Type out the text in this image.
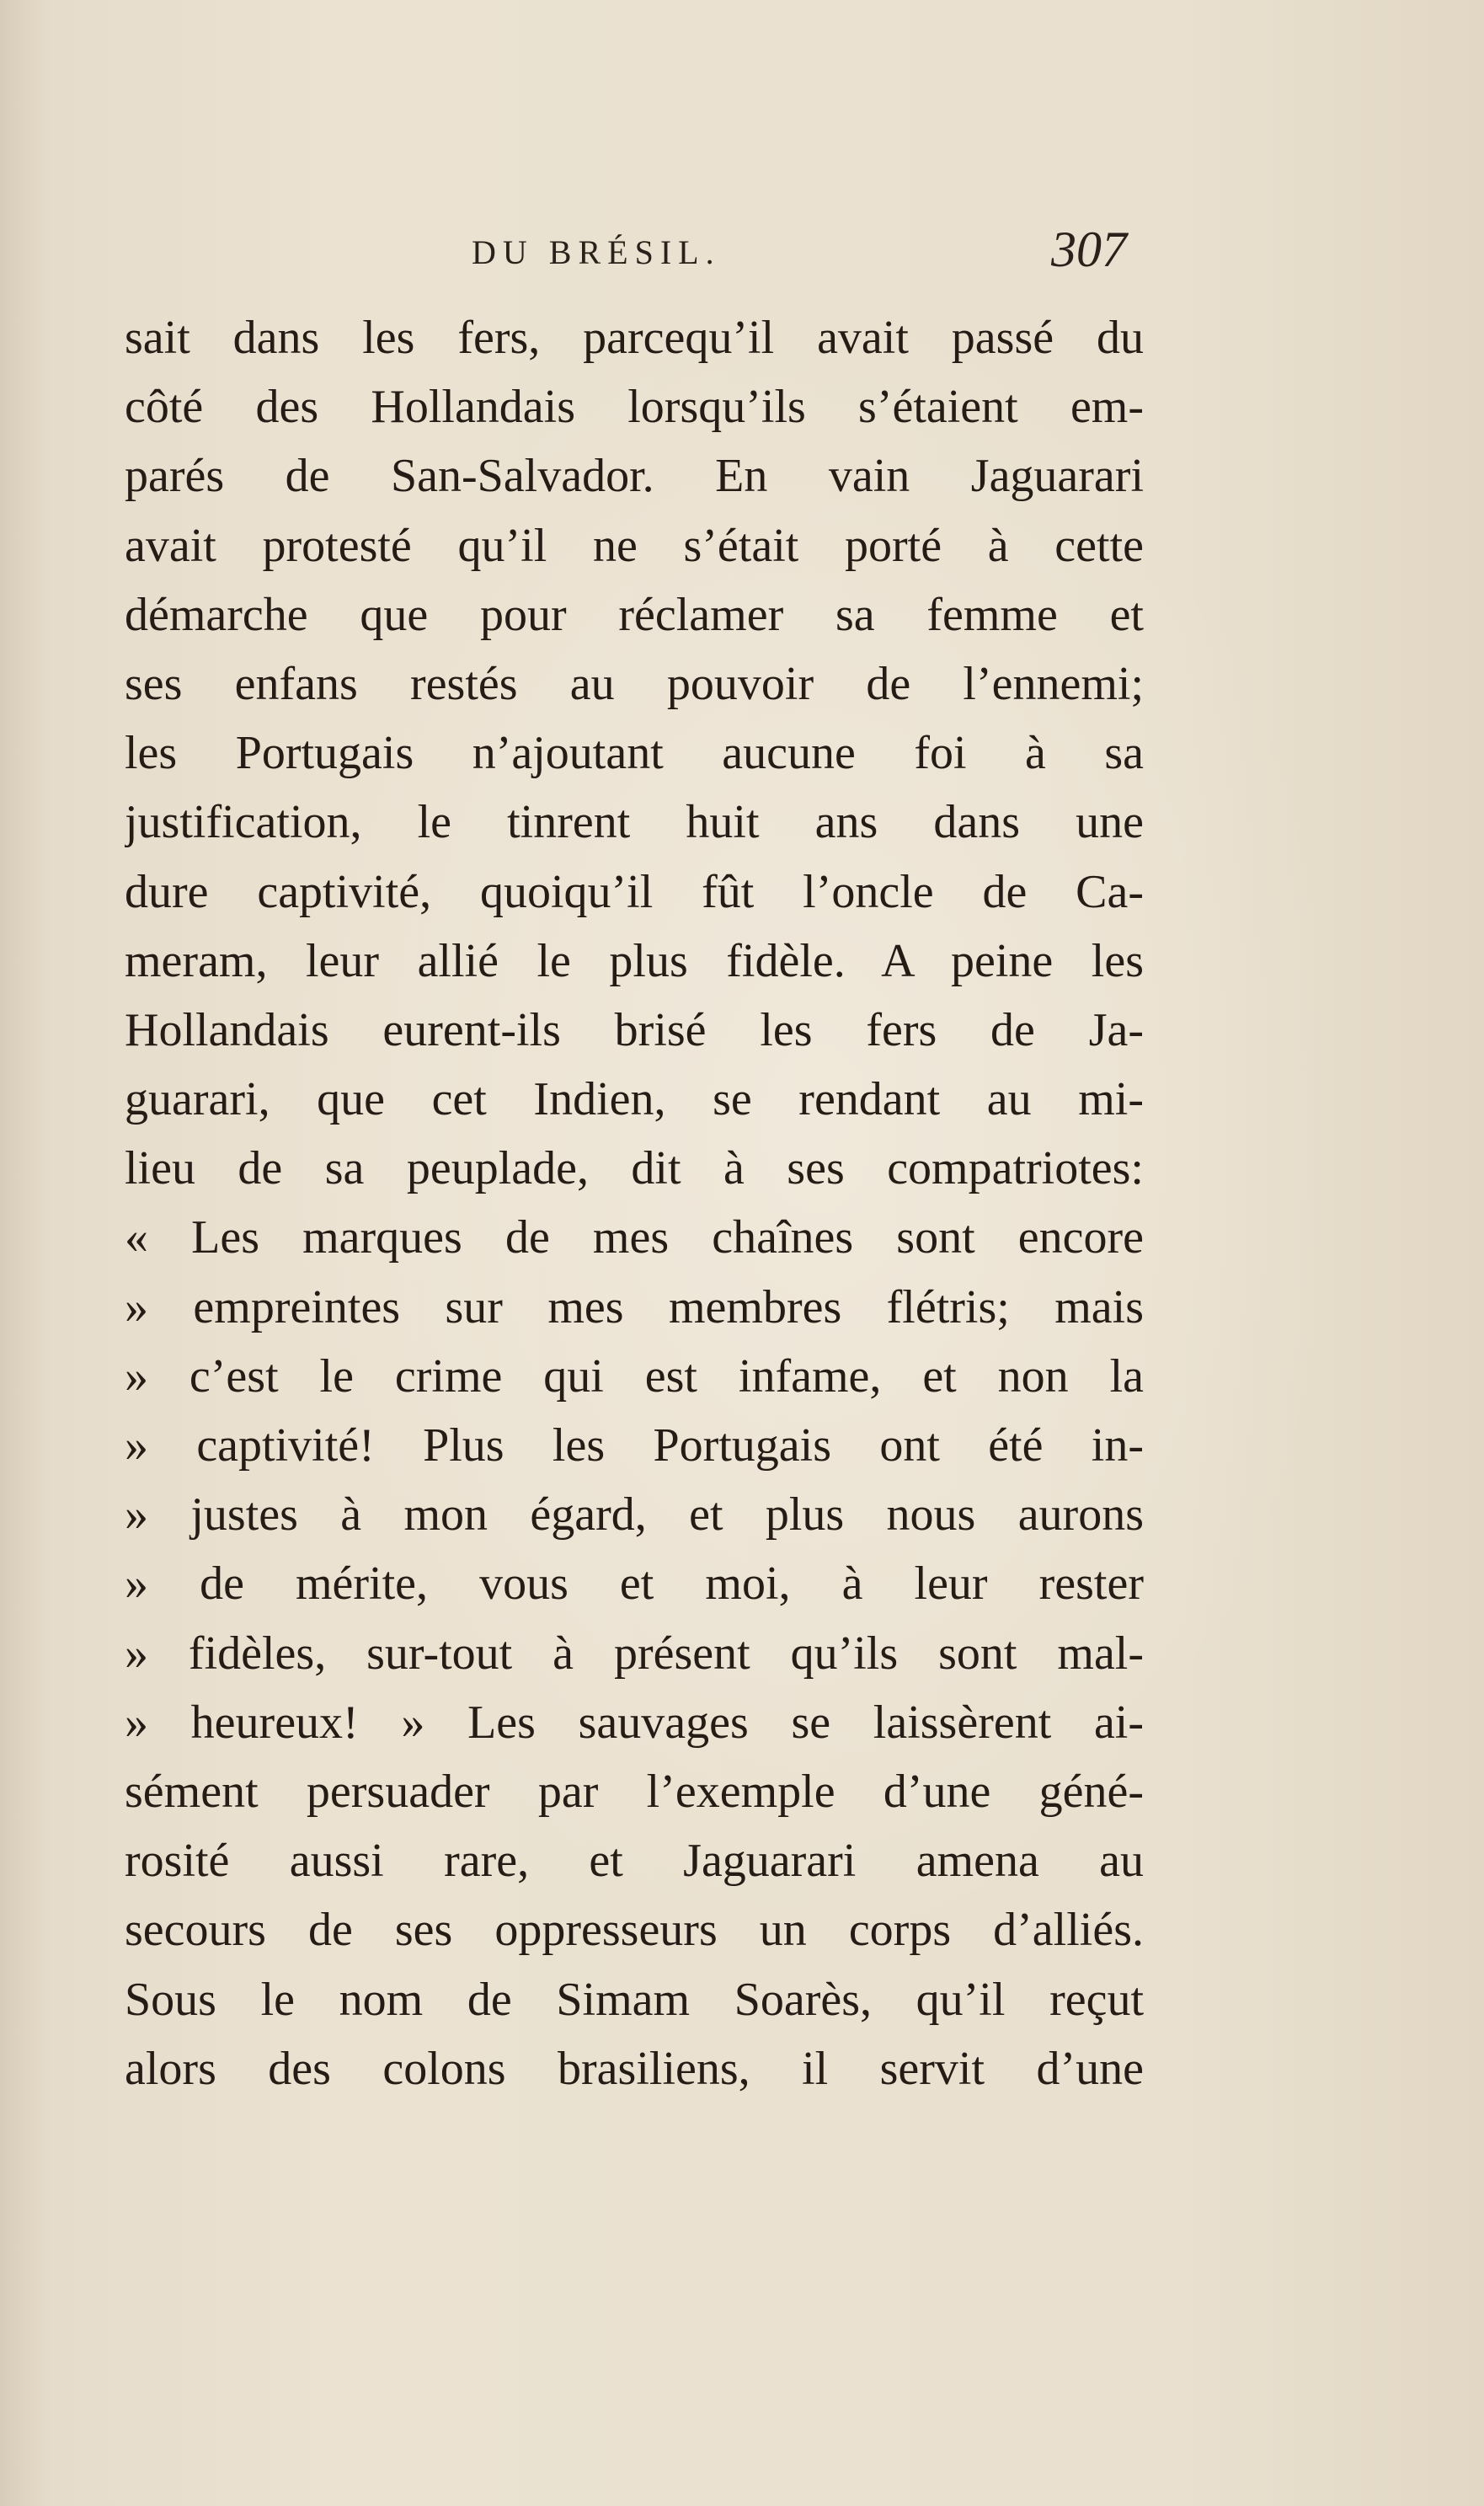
DU BRÉSIL.	307
sait dans les fers, parcequ’il avait passé du
côté des Hollandais lorsqu’ils s’étaient em-
parés de San-Salvador. En vain Jaguarari
avait protesté qu’il ne s’était porté à cette
démarche que pour réclamer sa femme et
ses enfans restés au pouvoir de l’ennemi;
les Portugais n’ajoutant aucune foi à sa
justification, le tinrent huit ans dans une
dure captivité, quoiqu’il fût l’oncle de Ca-
meram, leur allié le plus fidèle. A peine les
Hollandais eurent-ils brisé les fers de Ja-
guarari, que cet Indien, se rendant au mi-
lieu de sa peuplade, dit à ses compatriotes:
« Les marques de mes chaînes sont encore
» empreintes sur mes membres flétris; mais
» c’est le crime qui est infame, et non la
» captivité! Plus les Portugais ont été in-
» justes à mon égard, et plus nous aurons
» de mérite, vous et moi, à leur rester
» fidèles, sur-tout à présent qu’ils sont mal-
» heureux! » Les sauvages se laissèrent ai-
sément persuader par l’exemple d’une géné-
rosité aussi rare, et Jaguarari amena au
secours de ses oppresseurs un corps d’alliés.
Sous le nom de Simam Soarès, qu’il reçut
alors des colons brasiliens, il servit d’une
